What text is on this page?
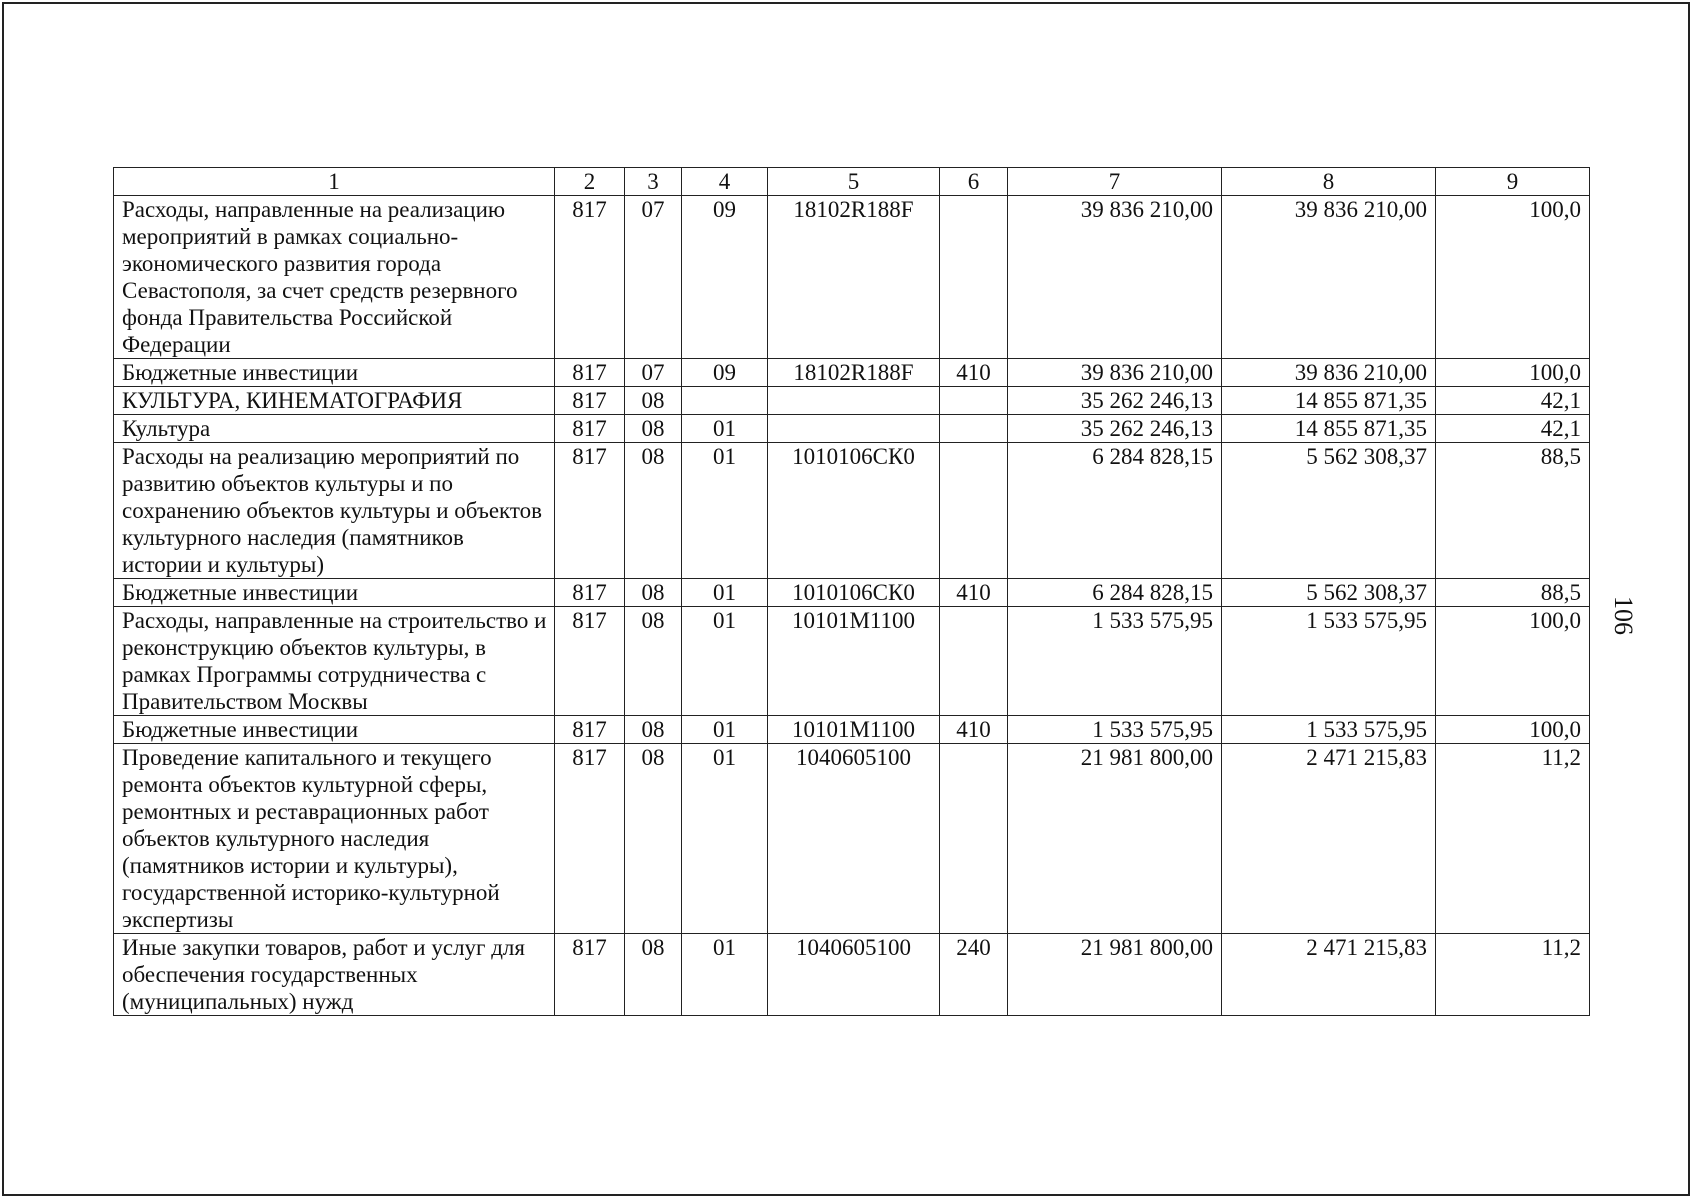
1	2	3	4	5	6	7	8	9
Расходы, направленные на реализацию мероприятий в рамках социально-экономического развития города Севастополя, за счет средств резервного фонда Правительства Российской Федерации	817	07	09	18102R188F		39 836 210,00	39 836 210,00	100,0
Бюджетные инвестиции	817	07	09	18102R188F	410	39 836 210,00	39 836 210,00	100,0
КУЛЬТУРА, КИНЕМАТОГРАФИЯ	817	08				35 262 246,13	14 855 871,35	42,1
Культура	817	08	01			35 262 246,13	14 855 871,35	42,1
Расходы на реализацию мероприятий по развитию объектов культуры и по сохранению объектов культуры и объектов культурного наследия (памятников истории и культуры)	817	08	01	1010106СК0		6 284 828,15	5 562 308,37	88,5
Бюджетные инвестиции	817	08	01	1010106СК0	410	6 284 828,15	5 562 308,37	88,5
Расходы, направленные на строительство и реконструкцию объектов культуры, в рамках Программы сотрудничества с Правительством Москвы	817	08	01	10101М1100		1 533 575,95	1 533 575,95	100,0
Бюджетные инвестиции	817	08	01	10101М1100	410	1 533 575,95	1 533 575,95	100,0
Проведение капитального и текущего ремонта объектов культурной сферы, ремонтных и реставрационных работ объектов культурного наследия (памятников истории и культуры), государственной историко-культурной экспертизы	817	08	01	1040605100		21 981 800,00	2 471 215,83	11,2
Иные закупки товаров, работ и услуг для обеспечения государственных (муниципальных) нужд	817	08	01	1040605100	240	21 981 800,00	2 471 215,83	11,2
106
